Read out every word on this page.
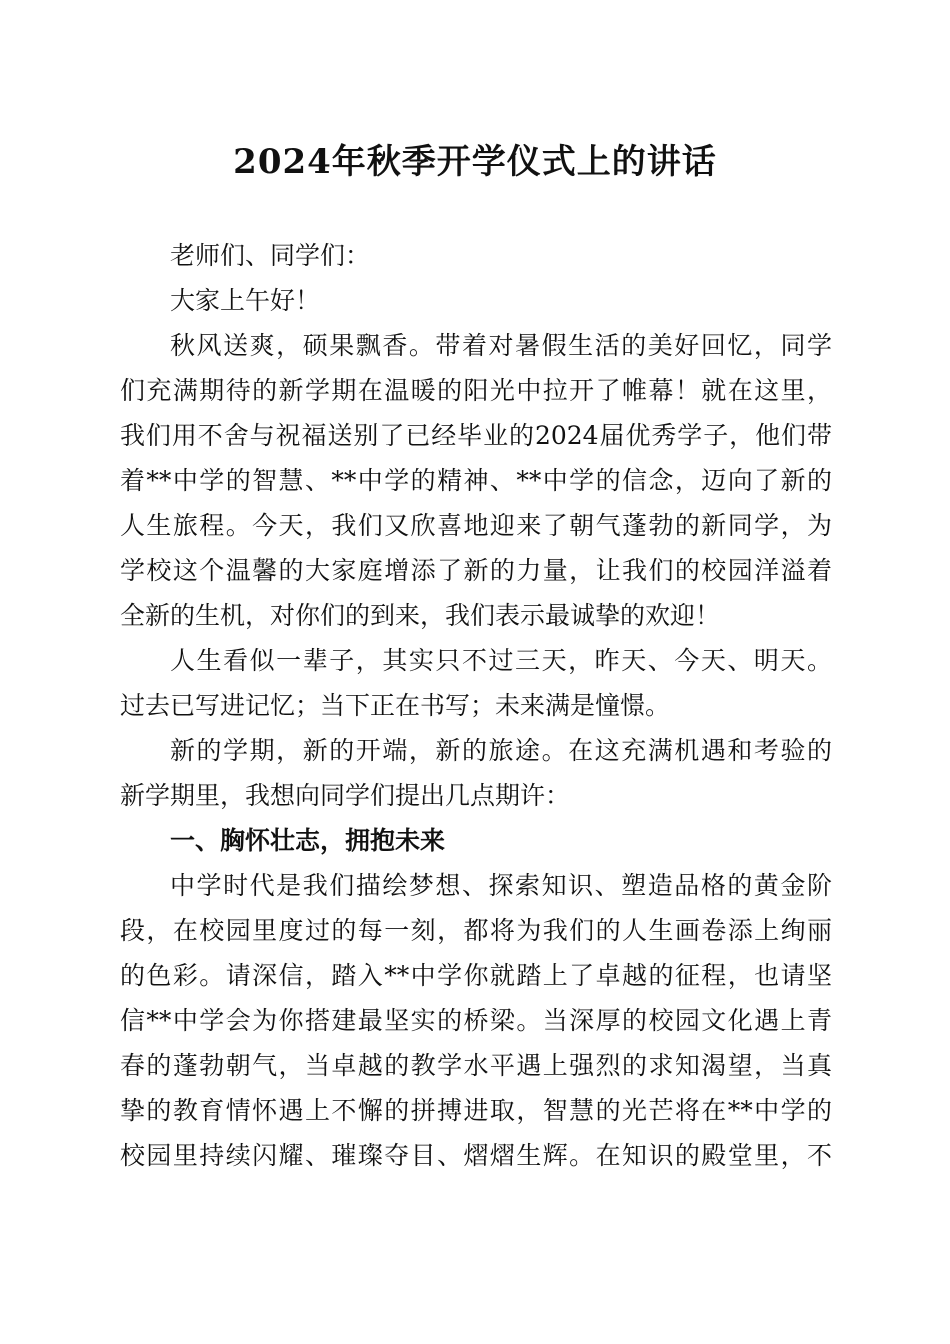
2024年秋季开学仪式上的讲话

老师们、同学们：

大家上午好！

秋风送爽，硕果飘香。带着对暑假生活的美好回忆，同学

们充满期待的新学期在温暖的阳光中拉开了帷幕！就在这里，

我们用不舍与祝福送别了已经毕业的2024届优秀学子，他们带

着**中学的智慧、**中学的精神、**中学的信念，迈向了新的

人生旅程。今天，我们又欣喜地迎来了朝气蓬勃的新同学，为

学校这个温馨的大家庭增添了新的力量，让我们的校园洋溢着

全新的生机，对你们的到来，我们表示最诚挚的欢迎！

人生看似一辈子，其实只不过三天，昨天、今天、明天。

过去已写进记忆；当下正在书写；未来满是憧憬。

新的学期，新的开端，新的旅途。在这充满机遇和考验的

新学期里，我想向同学们提出几点期许：

一、胸怀壮志，拥抱未来

中学时代是我们描绘梦想、探索知识、塑造品格的黄金阶

段，在校园里度过的每一刻，都将为我们的人生画卷添上绚丽

的色彩。请深信，踏入**中学你就踏上了卓越的征程，也请坚

信**中学会为你搭建最坚实的桥梁。当深厚的校园文化遇上青

春的蓬勃朝气，当卓越的教学水平遇上强烈的求知渴望，当真

挚的教育情怀遇上不懈的拼搏进取，智慧的光芒将在**中学的

校园里持续闪耀、璀璨夺目、熠熠生辉。在知识的殿堂里，不
